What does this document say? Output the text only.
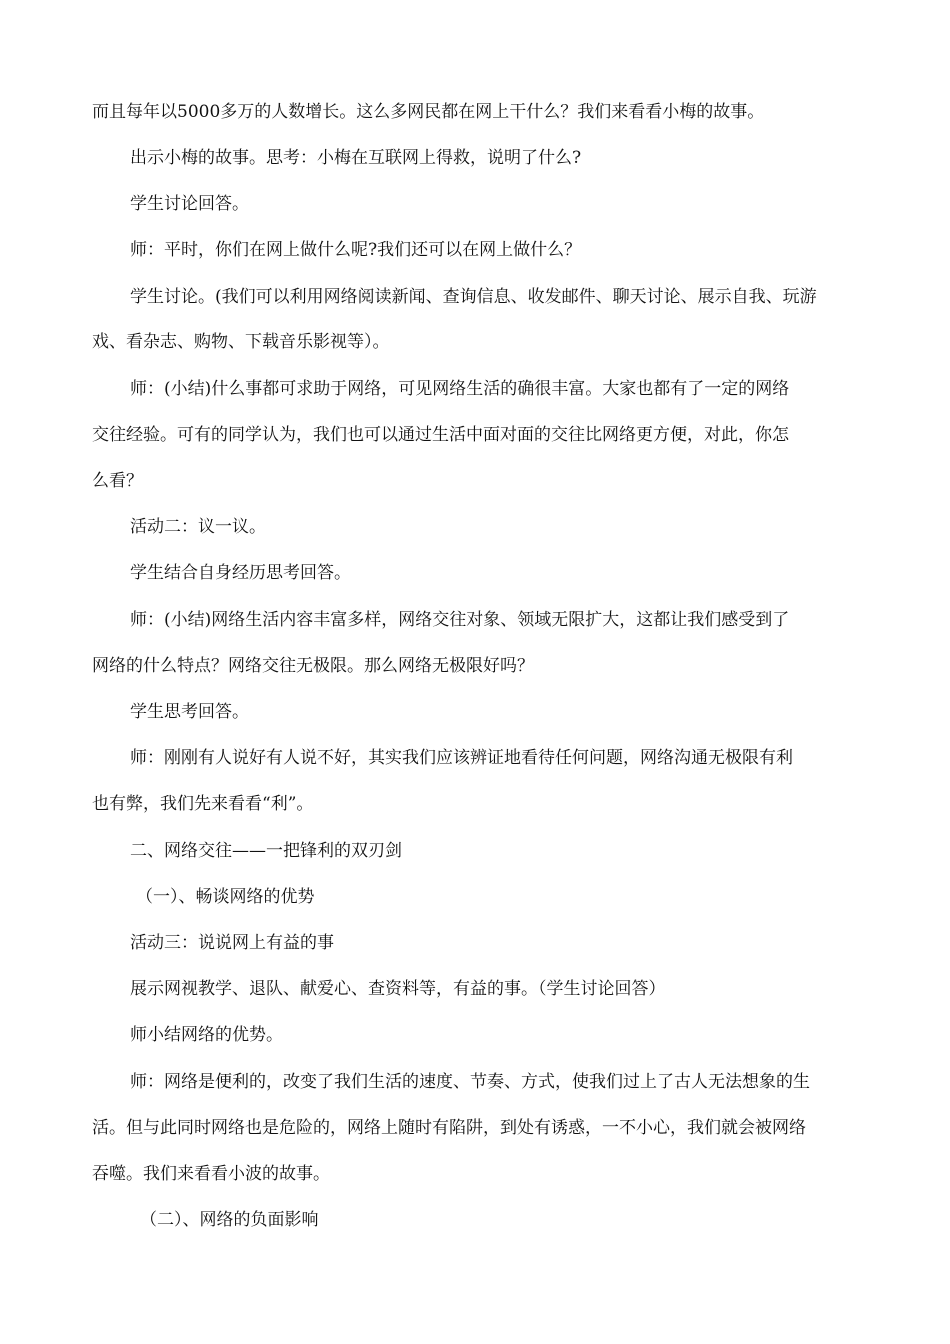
而且每年以5000多万的人数增长。这么多网民都在网上干什么？我们来看看小梅的故事。
出示小梅的故事。思考：小梅在互联网上得救，说明了什么?
学生讨论回答。
师：平时，你们在网上做什么呢?我们还可以在网上做什么？
学生讨论。(我们可以利用网络阅读新闻、查询信息、收发邮件、聊天讨论、展示自我、玩游
戏、看杂志、购物、下载音乐影视等）。
师：(小结)什么事都可求助于网络，可见网络生活的确很丰富。大家也都有了一定的网络
交往经验。可有的同学认为，我们也可以通过生活中面对面的交往比网络更方便，对此，你怎
么看？
活动二：议一议。
学生结合自身经历思考回答。
师：(小结)网络生活内容丰富多样，网络交往对象、领域无限扩大，这都让我们感受到了
网络的什么特点？网络交往无极限。那么网络无极限好吗？
学生思考回答。
师：刚刚有人说好有人说不好，其实我们应该辨证地看待任何问题，网络沟通无极限有利
也有弊，我们先来看看“利”。
二、网络交往——一把锋利的双刃剑
（一）、畅谈网络的优势
活动三：说说网上有益的事
展示网视教学、退队、献爱心、查资料等，有益的事。（学生讨论回答）
师小结网络的优势。
师：网络是便利的，改变了我们生活的速度、节奏、方式，使我们过上了古人无法想象的生
活。但与此同时网络也是危险的，网络上随时有陷阱，到处有诱惑，一不小心，我们就会被网络
吞噬。我们来看看小波的故事。
（二）、网络的负面影响
